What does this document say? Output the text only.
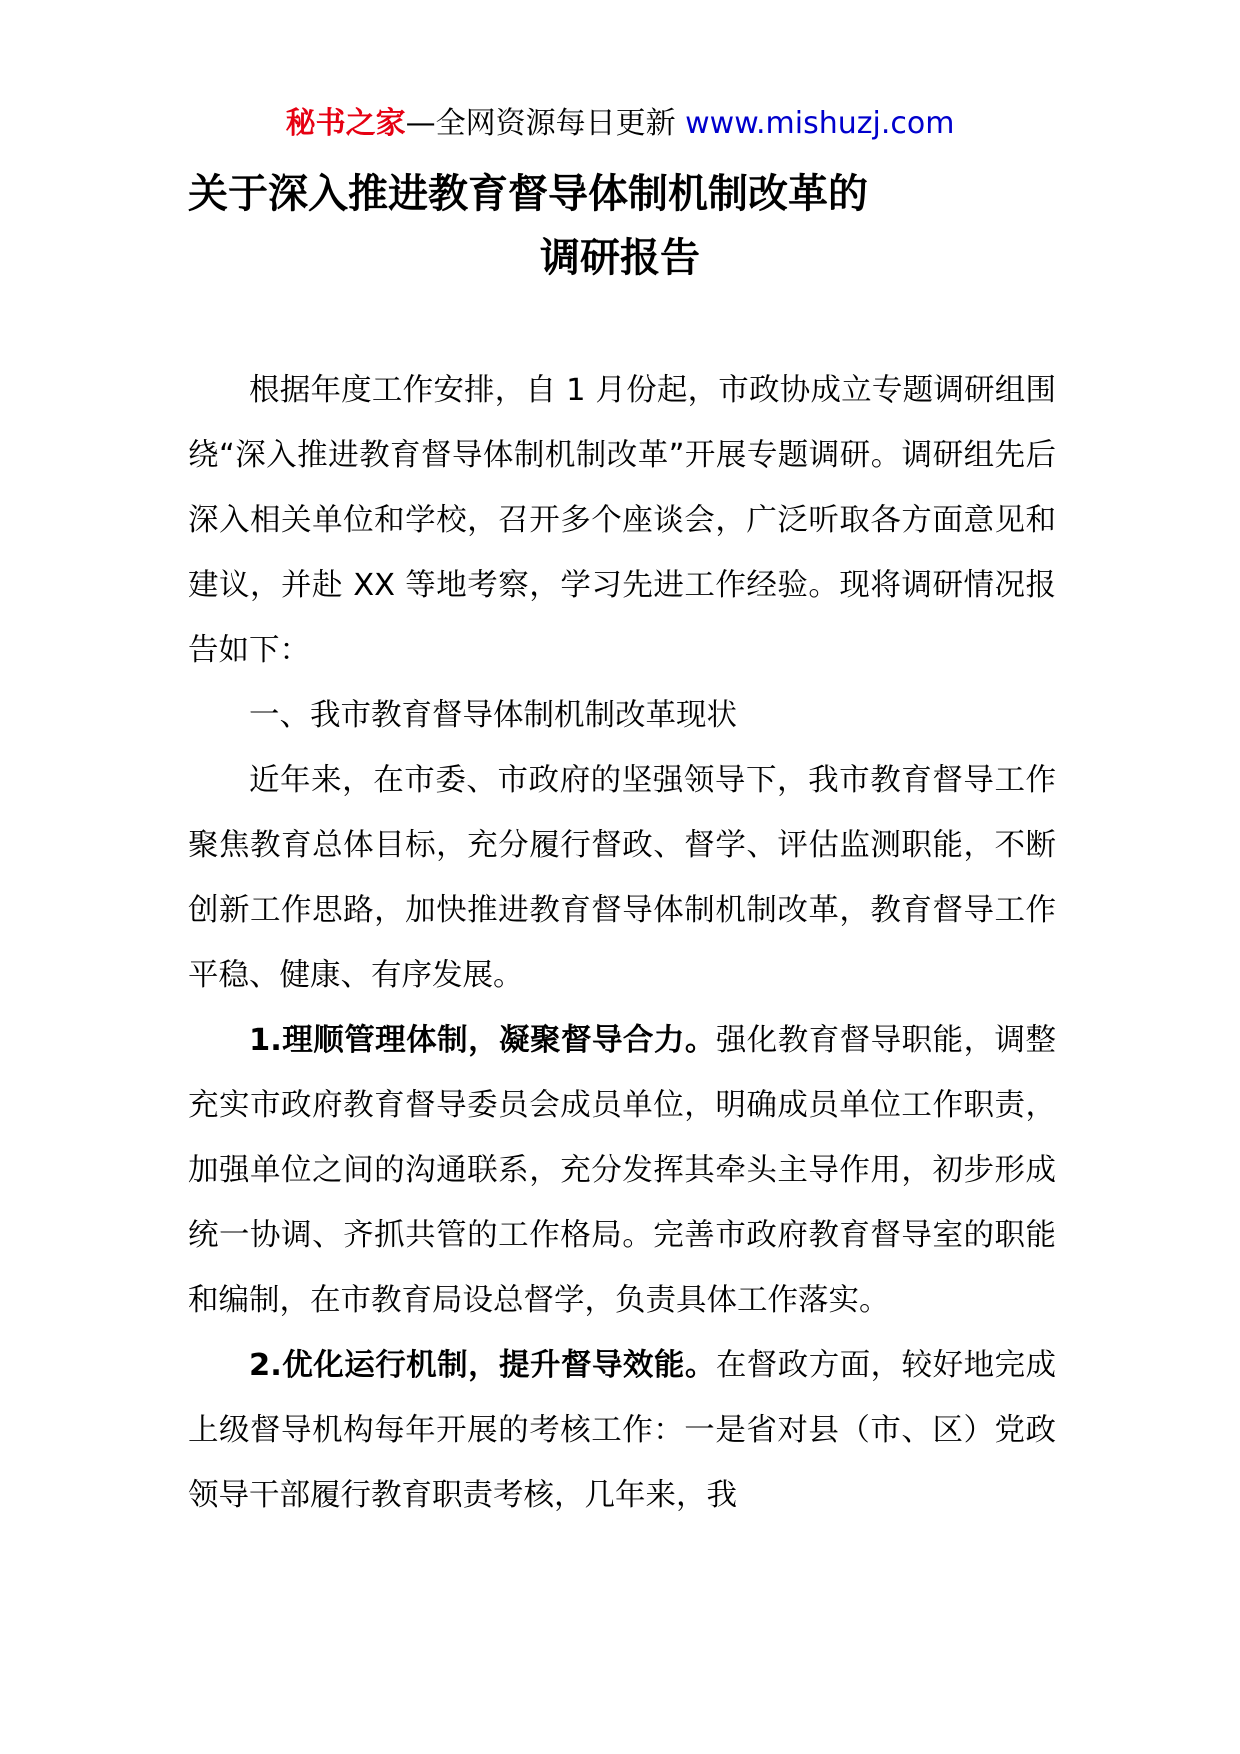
秘书之家—全网资源每日更新 www.mishuzj.com
关于深入推进教育督导体制机制改革的
调研报告

根据年度工作安排，自 1 月份起，市政协成立专题调研组围绕“深入推进教育督导体制机制改革”开展专题调研。调研组先后深入相关单位和学校，召开多个座谈会，广泛听取各方面意见和建议，并赴 XX 等地考察，学习先进工作经验。现将调研情况报告如下：

一、我市教育督导体制机制改革现状

近年来，在市委、市政府的坚强领导下，我市教育督导工作聚焦教育总体目标，充分履行督政、督学、评估监测职能，不断创新工作思路，加快推进教育督导体制机制改革，教育督导工作平稳、健康、有序发展。

1.理顺管理体制，凝聚督导合力。强化教育督导职能，调整充实市政府教育督导委员会成员单位，明确成员单位工作职责，加强单位之间的沟通联系，充分发挥其牵头主导作用，初步形成统一协调、齐抓共管的工作格局。完善市政府教育督导室的职能和编制，在市教育局设总督学，负责具体工作落实。

2.优化运行机制，提升督导效能。在督政方面，较好地完成上级督导机构每年开展的考核工作：一是省对县（市、区）党政领导干部履行教育职责考核，几年来，我
